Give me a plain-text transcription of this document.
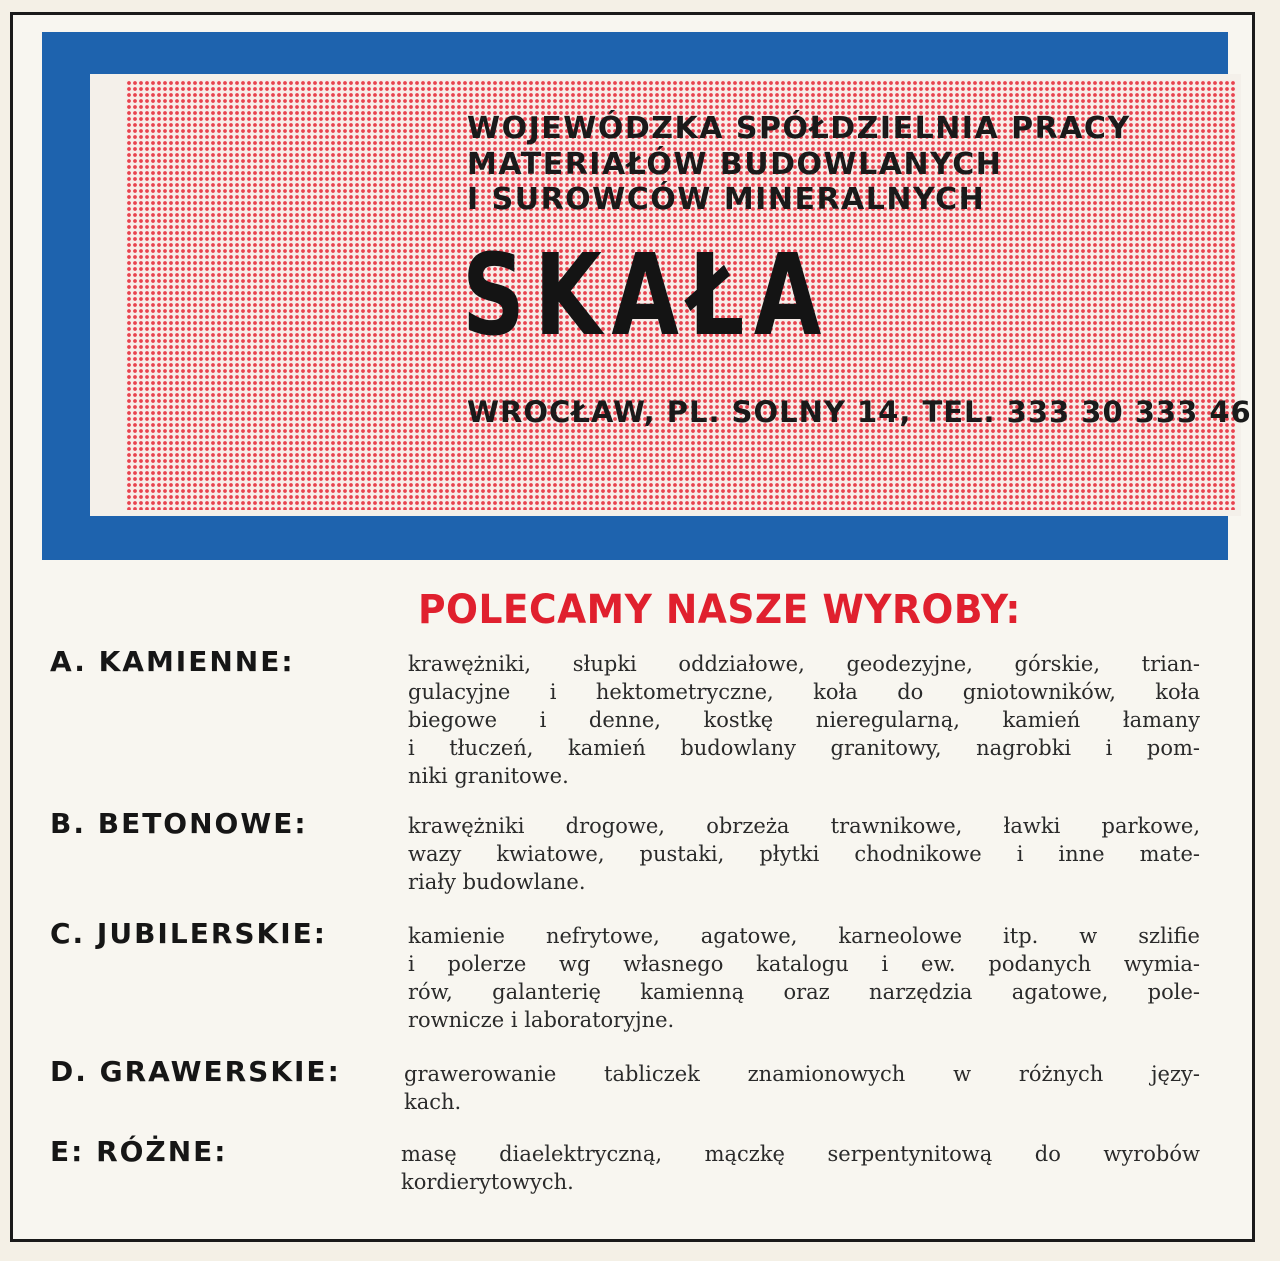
WOJEWÓDZKA SPÓŁDZIELNIA PRACY
MATERIAŁÓW BUDOWLANYCH
I SUROWCÓW MINERALNYCH
SKAŁA
WROCŁAW, PL. SOLNY 14, TEL. 333 30 333 46
POLECAMY NASZE WYROBY:
A. KAMIENNE:	krawężniki, słupki oddziałowe, geodezyjne, górskie, trian-
gulacyjne i hektometryczne, koła do gniotowników, koła
biegowe i denne, kostkę nieregularną, kamień łamany
i tłuczeń, kamień budowlany granitowy, nagrobki i pom-
niki granitowe.
B. BETONOWE:	krawężniki drogowe, obrzeża trawnikowe, ławki parkowe,
wazy kwiatowe, pustaki, płytki chodnikowe i inne mate-
riały budowlane.
C. JUBILERSKIE:	kamienie nefrytowe, agatowe, karneolowe itp. w szlifie
i polerze wg własnego katalogu i ew. podanych wymia-
rów, galanterię kamienną oraz narzędzia agatowe, pole-
rownicze i laboratoryjne.
D. GRAWERSKIE:	grawerowanie tabliczek znamionowych w różnych języ-
kach.
E: RÓŻNE:	masę diaelektryczną, mączkę serpentynitową do wyrobów
kordierytowych.
